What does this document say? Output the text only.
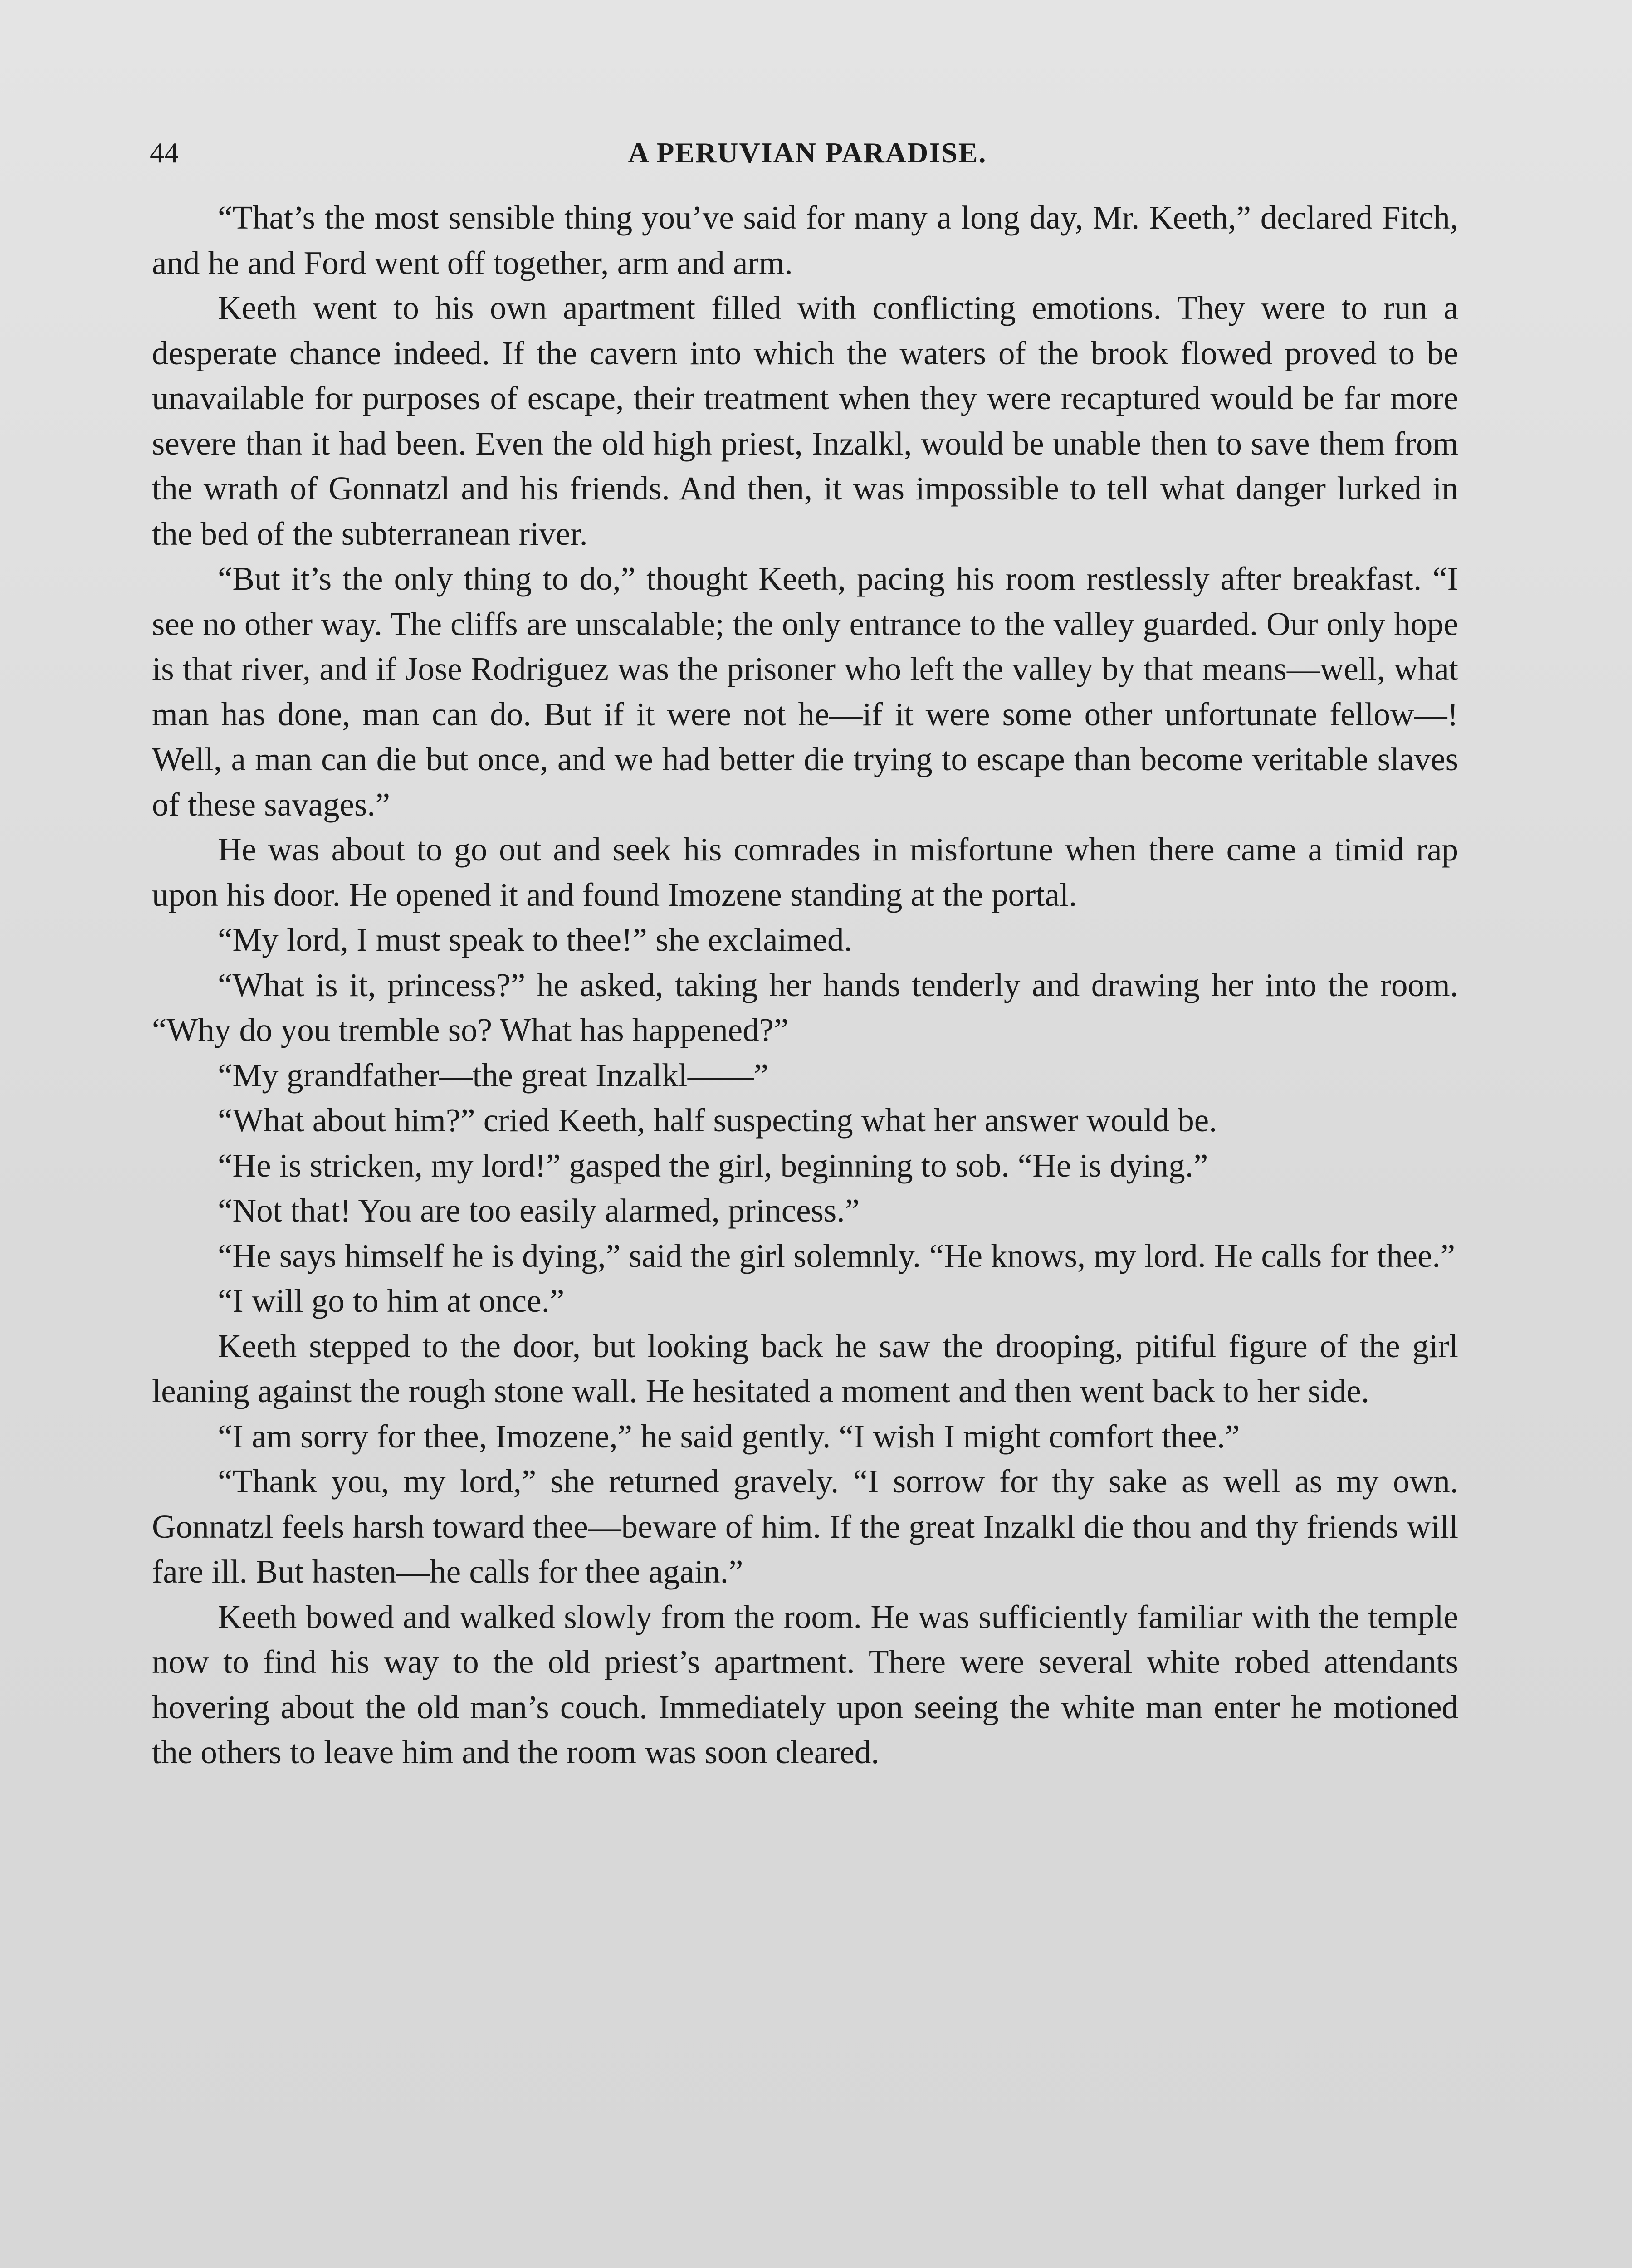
44	A PERUVIAN PARADISE.

“That’s the most sensible thing you’ve said for many a long day, Mr. Keeth,” declared Fitch, and he and Ford went off together, arm and arm.

Keeth went to his own apartment filled with conflicting emotions. They were to run a desperate chance indeed. If the cavern into which the waters of the brook flowed proved to be unavailable for purposes of escape, their treatment when they were recaptured would be far more severe than it had been. Even the old high priest, Inzalkl, would be unable then to save them from the wrath of Gonnatzl and his friends. And then, it was impossible to tell what danger lurked in the bed of the subterranean river.

“But it’s the only thing to do,” thought Keeth, pacing his room restlessly after breakfast. “I see no other way. The cliffs are unscalable; the only entrance to the valley guarded. Our only hope is that river, and if Jose Rodriguez was the prisoner who left the valley by that means—well, what man has done, man can do. But if it were not he—if it were some other unfortunate fellow—! Well, a man can die but once, and we had better die trying to escape than become veritable slaves of these savages.”

He was about to go out and seek his comrades in misfortune when there came a timid rap upon his door. He opened it and found Imozene standing at the portal.

“My lord, I must speak to thee!” she exclaimed.

“What is it, princess?” he asked, taking her hands tenderly and drawing her into the room. “Why do you tremble so? What has happened?”

“My grandfather—the great Inzalkl——”

“What about him?” cried Keeth, half suspecting what her answer would be.

“He is stricken, my lord!” gasped the girl, beginning to sob. “He is dying.”

“Not that! You are too easily alarmed, princess.”

“He says himself he is dying,” said the girl solemnly. “He knows, my lord. He calls for thee.”

“I will go to him at once.”

Keeth stepped to the door, but looking back he saw the drooping, pitiful figure of the girl leaning against the rough stone wall. He hesitated a moment and then went back to her side.

“I am sorry for thee, Imozene,” he said gently. “I wish I might comfort thee.”

“Thank you, my lord,” she returned gravely. “I sorrow for thy sake as well as my own. Gonnatzl feels harsh toward thee—beware of him. If the great Inzalkl die thou and thy friends will fare ill. But hasten—he calls for thee again.”

Keeth bowed and walked slowly from the room. He was sufficiently familiar with the temple now to find his way to the old priest’s apartment. There were several white robed attendants hovering about the old man’s couch. Immediately upon seeing the white man enter he motioned the others to leave him and the room was soon cleared.
